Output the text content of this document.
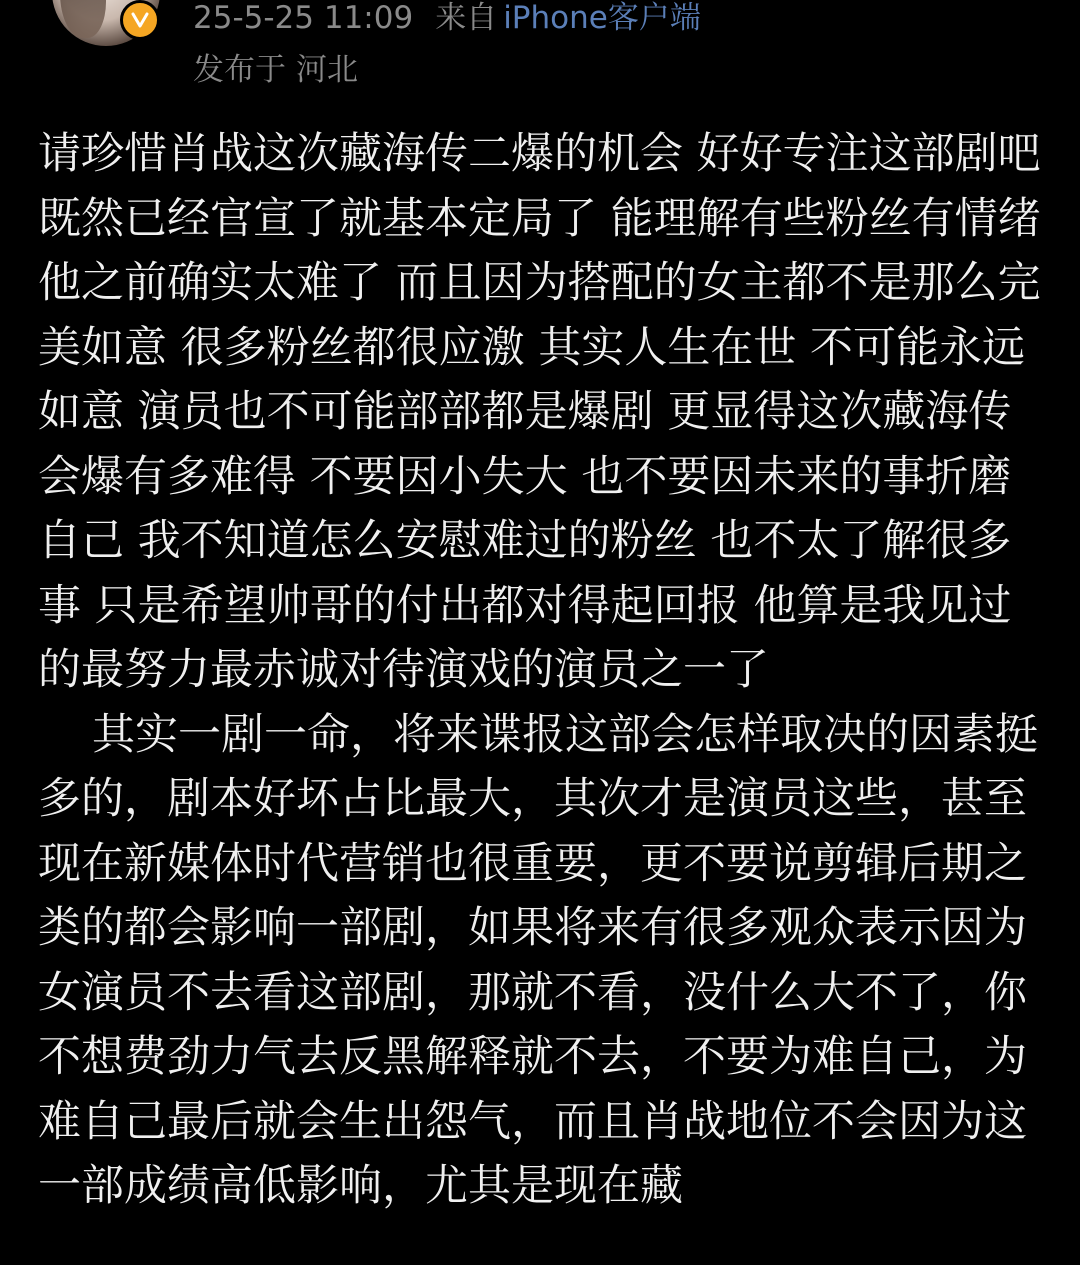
25-5-25 11:09 来自 iPhone客户端
发布于 河北

请珍惜肖战这次藏海传二爆的机会 好好专注这部剧吧 既然已经官宣了就基本定局了 能理解有些粉丝有情绪 他之前确实太难了 而且因为搭配的女主都不是那么完美如意 很多粉丝都很应激 其实人生在世 不可能永远如意 演员也不可能部部都是爆剧 更显得这次藏海传会爆有多难得 不要因小失大 也不要因未来的事折磨自己 我不知道怎么安慰难过的粉丝 也不太了解很多事 只是希望帅哥的付出都对得起回报 他算是我见过的最努力最赤诚对待演戏的演员之一了

其实一剧一命，将来谍报这部会怎样取决的因素挺多的，剧本好坏占比最大，其次才是演员这些，甚至现在新媒体时代营销也很重要，更不要说剪辑后期之类的都会影响一部剧，如果将来有很多观众表示因为女演员不去看这部剧，那就不看，没什么大不了，你不想费劲力气去反黑解释就不去，不要为难自己，为难自己最后就会生出怨气，而且肖战地位不会因为这一部成绩高低影响，尤其是现在藏
